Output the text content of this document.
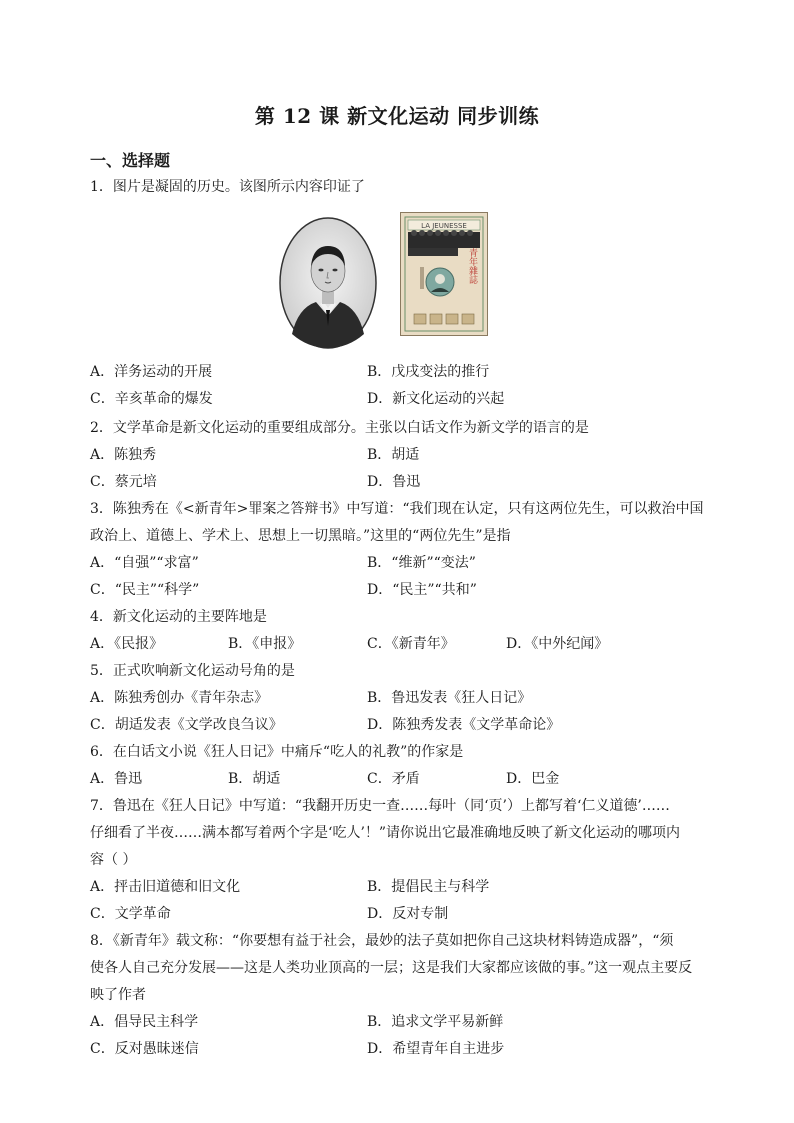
第 12 课 新文化运动 同步训练
一、选择题
LA JEUNESSE
青年雜誌
1．图片是凝固的历史。该图所示内容印证了
A．洋务运动的开展	B．戊戌变法的推行
C．辛亥革命的爆发	D．新文化运动的兴起
2．文学革命是新文化运动的重要组成部分。主张以白话文作为新文学的语言的是
A．陈独秀	B．胡适
C．蔡元培	D．鲁迅
3．陈独秀在《<新青年>罪案之答辩书》中写道：“我们现在认定，只有这两位先生，可以救治中国
政治上、道德上、学术上、思想上一切黑暗。”这里的“两位先生”是指
A．“自强”“求富”	B．“维新”“变法”
C．“民主”“科学”	D．“民主”“共和”
4．新文化运动的主要阵地是
A．《民报》	B．《申报》	C．《新青年》	D．《中外纪闻》
5．正式吹响新文化运动号角的是
A．陈独秀创办《青年杂志》	B．鲁迅发表《狂人日记》
C．胡适发表《文学改良刍议》	D．陈独秀发表《文学革命论》
6．在白话文小说《狂人日记》中痛斥“吃人的礼教”的作家是
A．鲁迅	B．胡适	C．矛盾	D．巴金
7．鲁迅在《狂人日记》中写道：“我翻开历史一查……每叶（同‘页’）上都写着‘仁义道德’……
仔细看了半夜……满本都写着两个字是‘吃人’！”请你说出它最准确地反映了新文化运动的哪项内
容（ ）
A．抨击旧道德和旧文化	B．提倡民主与科学
C．文学革命	D．反对专制
8．《新青年》载文称：“你要想有益于社会，最妙的法子莫如把你自己这块材料铸造成器”，“须
使各人自己充分发展——这是人类功业顶高的一层；这是我们大家都应该做的事。”这一观点主要反
映了作者
A．倡导民主科学	B．追求文学平易新鲜
C．反对愚昧迷信	D．希望青年自主进步
